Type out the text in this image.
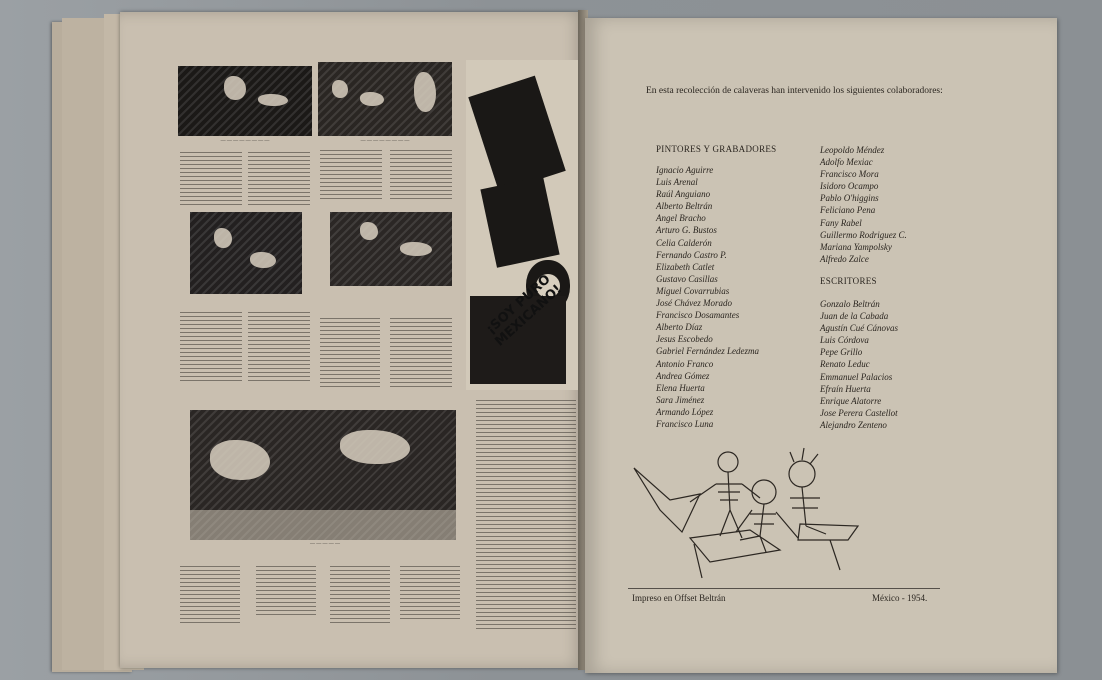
— — — — — — — —	— — — — — — — —
¡SOY PURO MEXICANO!
— — — — —
En esta recolección de calaveras han intervenido los siguientes colaboradores:
PINTORES Y GRABADORES
Ignacio Aguirre
Luis Arenal
Raúl Anguiano
Alberto Beltrán
Angel Bracho
Arturo G. Bustos
Celia Calderón
Fernando Castro P.
Elizabeth Catlet
Gustavo Casillas
Miguel Covarrubias
José Chávez Morado
Francisco Dosamantes
Alberto Díaz
Jesus Escobedo
Gabriel Fernández Ledezma
Antonio Franco
Andrea Gómez
Elena Huerta
Sara Jiménez
Armando López
Francisco Luna
Leopoldo Méndez
Adolfo Mexiac
Francisco Mora
Isidoro Ocampo
Pablo O'higgins
Feliciano Pena
Fany Rabel
Guillermo Rodriguez C.
Mariana Yampolsky
Alfredo Zalce
ESCRITORES
Gonzalo Beltrán
Juan de la Cabada
Agustín Cué Cánovas
Luis Córdova
Pepe Grillo
Renato Leduc
Emmanuel Palacios
Efraín Huerta
Enrique Alatorre
Jose Perera Castellot
Alejandro Zenteno
Impreso en Offset Beltrán	México - 1954.
